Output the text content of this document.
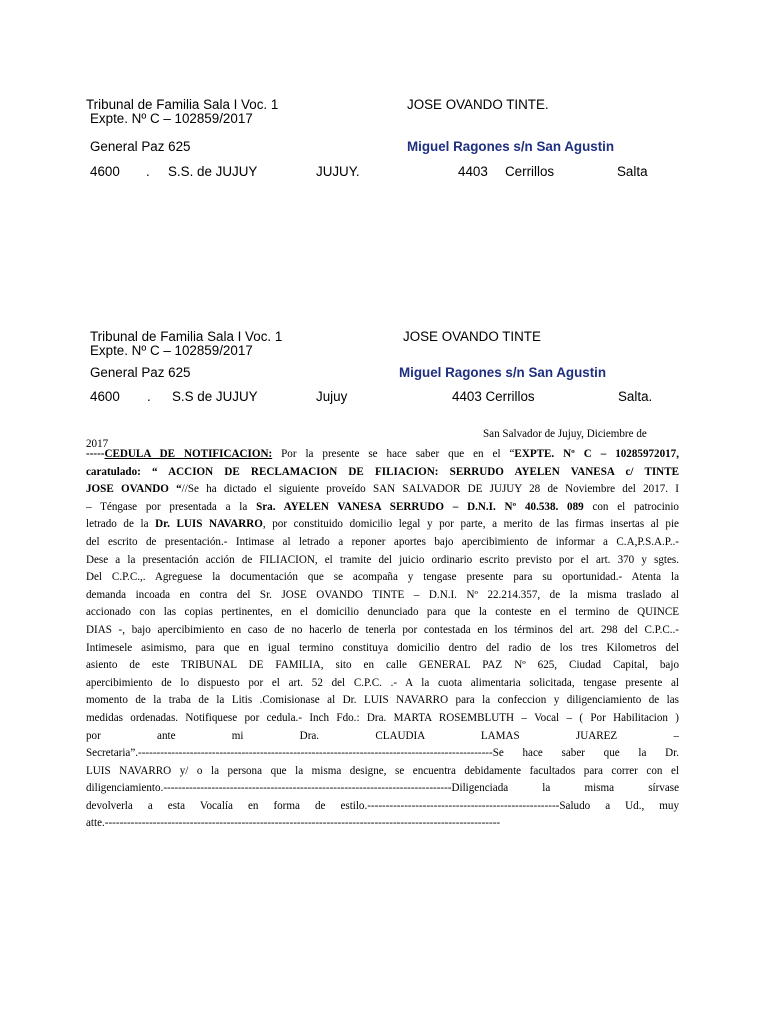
Tribunal de Familia Sala I Voc. 1
Expte. Nº C – 102859/2017
General Paz 625
4600 . S.S. de JUJUY	JUJUY.
JOSE OVANDO TINTE.
Miguel Ragones s/n San Agustin
4403 Cerrillos	Salta
Tribunal de Familia Sala I Voc. 1
Expte. Nº C – 102859/2017
General Paz 625
4600 . S.S de JUJUY	Jujuy
JOSE OVANDO TINTE
Miguel Ragones s/n San Agustin
4403 Cerrillos	Salta.
San Salvador de Jujuy, Diciembre de
2017
-----CEDULA DE NOTIFICACION: Por la presente se hace saber que en el “EXPTE. Nº C – 10285972017,
caratulado: “ ACCION DE RECLAMACION DE FILIACION: SERRUDO AYELEN VANESA c/ TINTE
JOSE OVANDO “//Se ha dictado el siguiente proveído SAN SALVADOR DE JUJUY 28 de Noviembre del 2017. I
– Téngase por presentada a la Sra. AYELEN VANESA SERRUDO – D.N.I. Nº 40.538. 089 con el patrocinio
letrado de la Dr. LUIS NAVARRO, por constituido domicilio legal y por parte, a merito de las firmas insertas al pie
del escrito de presentación.- Intimase al letrado a reponer aportes bajo apercibimiento de informar a C.A,P.S.A.P..-
Dese a la presentación acción de FILIACION, el tramite del juicio ordinario escrito previsto por el art. 370 y sgtes.
Del C.P.C.,. Agreguese la documentación que se acompaña y tengase presente para su oportunidad.- Atenta la
demanda incoada en contra del Sr. JOSE OVANDO TINTE – D.N.I. Nº 22.214.357, de la misma traslado al
accionado con las copias pertinentes, en el domicilio denunciado para que la conteste en el termino de QUINCE
DIAS -, bajo apercibimiento en caso de no hacerlo de tenerla por contestada en los términos del art. 298 del C.P.C..-
Intimesele asimismo, para que en igual termino constituya domicilio dentro del radio de los tres Kilometros del
asiento de este TRIBUNAL DE FAMILIA, sito en calle GENERAL PAZ Nº 625, Ciudad Capital, bajo
apercibimiento de lo dispuesto por el art. 52 del C.P.C. .- A la cuota alimentaria solicitada, tengase presente al
momento de la traba de la Litis .Comisionase al Dr. LUIS NAVARRO para la confeccion y diligenciamiento de las
medidas ordenadas. Notifiquese por cedula.- Inch Fdo.: Dra. MARTA ROSEMBLUTH – Vocal – ( Por Habilitacion )
por ante mi Dra. CLAUDIA LAMAS JUAREZ –
Secretaria”.------------------------------------------------------------------------------------------------Se hace saber que la Dr.
LUIS NAVARRO y/ o la persona que la misma designe, se encuentra debidamente facultados para correr con el
diligenciamiento.------------------------------------------------------------------------------Diligenciada la misma sírvase
devolverla a esta Vocalía en forma de estilo.----------------------------------------------------Saludo a Ud., muy
atte.-----------------------------------------------------------------------------------------------------------
